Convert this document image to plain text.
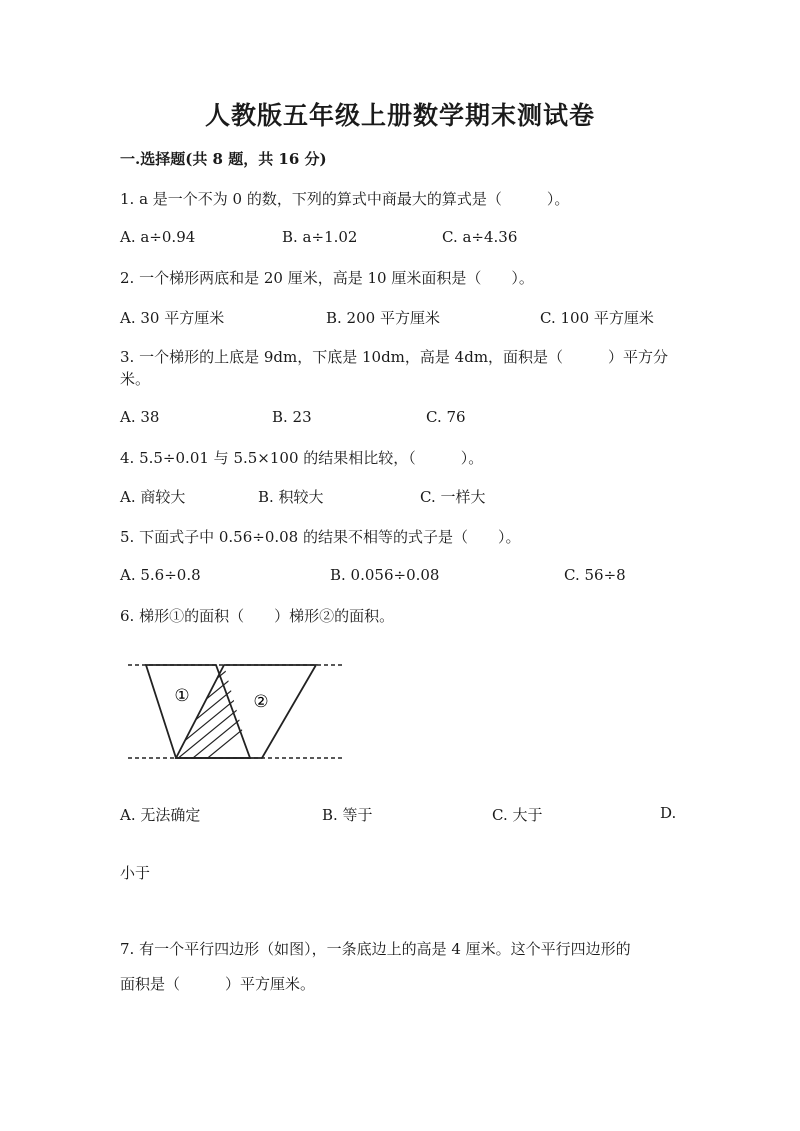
人教版五年级上册数学期末测试卷
一.选择题(共 8 题，共 16 分)
1. a 是一个不为 0 的数，下列的算式中商最大的算式是（　　　）。
A. a÷0.94	B. a÷1.02	C. a÷4.36
2. 一个梯形两底和是 20 厘米，高是 10 厘米面积是（　　）。
A. 30 平方厘米	B. 200 平方厘米	C. 100 平方厘米
3. 一个梯形的上底是 9dm，下底是 10dm，高是 4dm，面积是（　　　）平方分
米。
A. 38	B. 23	C. 76
4. 5.5÷0.01 与 5.5×100 的结果相比较，（　　　）。
A. 商较大	B. 积较大	C. 一样大
5. 下面式子中 0.56÷0.08 的结果不相等的式子是（　　）。
A. 5.6÷0.8	B. 0.056÷0.08	C. 56÷8
6. 梯形①的面积（　　）梯形②的面积。
①	②
A. 无法确定	B. 等于	C. 大于	D.
小于
7. 有一个平行四边形（如图），一条底边上的高是 4 厘米。这个平行四边形的
面积是（　　　）平方厘米。
